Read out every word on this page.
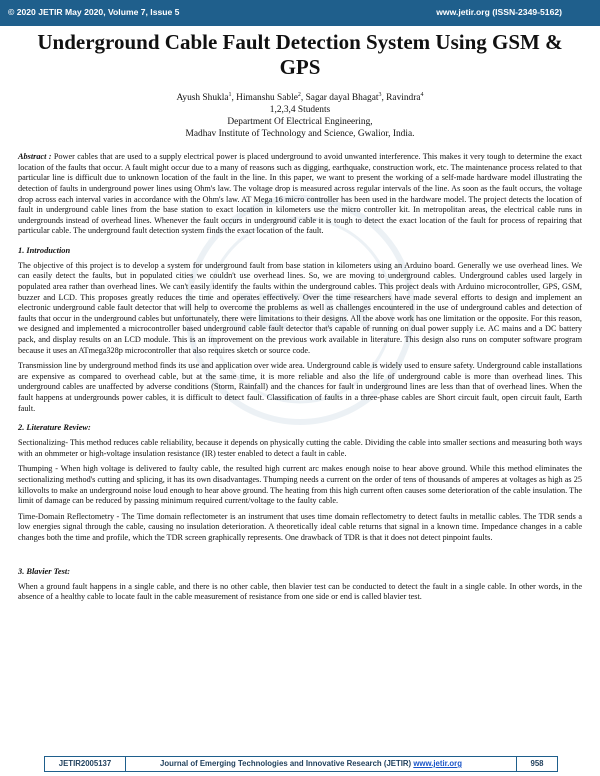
© 2020 JETIR May 2020, Volume 7, Issue 5	www.jetir.org (ISSN-2349-5162)
JETIR
Underground Cable Fault Detection System Using GSM & GPS
Ayush Shukla$^1$, Himanshu Sable$^2$, Sagar dayal Bhagat$^3$, Ravindra$^4$
1,2,3,4 Students
Department Of Electrical Engineering,
Madhav Institute of Technology and Science, Gwalior, India.
Abstract : Power cables that are used to a supply electrical power is placed underground to avoid unwanted interference. This makes it very tough to determine the exact location of the faults that occur. A fault might occur due to a many of reasons such as digging, earthquake, construction work, etc. The maintenance process related to that particular line is difficult due to unknown location of the fault in the line. In this paper, we want to present the working of a self-made hardware model illustrating the detection of faults in underground power lines using Ohm's law. The voltage drop is measured across regular intervals of the line. As soon as the fault occurs, the voltage drop across each interval varies in accordance with the Ohm's law. AT Mega 16 micro controller has been used in the hardware model. The project detects the location of fault in underground cable lines from the base station to exact location in kilometers use the micro controller kit. In metropolitan areas, the electrical cable runs in undergrounds instead of overhead lines. Whenever the fault occurs in underground cable it is tough to detect the exact location of the fault for process of repairing that particular cable. The underground fault detection system finds the exact location of the fault.
1. Introduction
The objective of this project is to develop a system for underground fault from base station in kilometers using an Arduino board. Generally we use overhead lines. We can easily detect the faults, but in populated cities we couldn't use overhead lines. So, we are moving to underground cables. Underground cables used largely in populated area rather than overhead lines. We can't easily identify the faults within the underground cables. This project deals with Arduino microcontroller, GPS, GSM, buzzer and LCD. This proposes greatly reduces the time and operates effectively. Over the time researchers have made several efforts to design and implement an electronic underground cable fault detector that will help to overcome the problems as well as challenges encountered in the use of underground cables and detection of faults that occur in the underground cables but unfortunately, there were limitations to their designs. All the above work has one limitation or the opposite. For this reason, we designed and implemented a microcontroller based underground cable fault detector that's capable of running on dual power supply i.e. AC mains and a DC battery pack, and display results on an LCD module. This is an improvement on the previous work available in literature. This design also runs on computer software program because it uses an ATmega328p microcontroller that also requires sketch or source code.
Transmission line by underground method finds its use and application over wide area. Underground cable is widely used to ensure safety. Underground cable installations are expensive as compared to overhead cable, but at the same time, it is more reliable and also the life of underground cable is more than overhead lines. This underground cables are unaffected by adverse conditions (Storm, Rainfall) and the chances for fault in underground lines are less than that of overhead lines. When the fault happens at undergrounds power cables, it is difficult to detect fault. Classification of faults in a three-phase cables are Short circuit fault, open circuit fault, Earth fault.
2. Literature Review:
Sectionalizing- This method reduces cable reliability, because it depends on physically cutting the cable. Dividing the cable into smaller sections and measuring both ways with an ohmmeter or high-voltage insulation resistance (IR) tester enabled to detect a fault in cable.
Thumping - When high voltage is delivered to faulty cable, the resulted high current arc makes enough noise to hear above ground. While this method eliminates the sectionalizing method's cutting and splicing, it has its own disadvantages. Thumping needs a current on the order of tens of thousands of amperes at voltages as high as 25 killovolts to make an underground noise loud enough to hear above ground. The heating from this high current often causes some deterioration of the cable insulation. The limit of damage can be reduced by passing minimum required current/voltage to the faulty cable.
Time-Domain Reflectometry - The Time domain reflectometer is an instrument that uses time domain reflectometry to detect faults in metallic cables. The TDR sends a low energies signal through the cable, causing no insulation deterioration. A theoretically ideal cable returns that signal in a known time. Impedance changes in a cable changes both the time and profile, which the TDR screen graphically represents. One drawback of TDR is that it does not detect pinpoint faults.
3. Blavier Test:
When a ground fault happens in a single cable, and there is no other cable, then blavier test can be conducted to detect the fault in a single cable. In other words, in the absence of a healthy cable to locate fault in the cable measurement of resistance from one side or end is called blavier test.
JETIR2005137	Journal of Emerging Technologies and Innovative Research (JETIR) www.jetir.org	958
